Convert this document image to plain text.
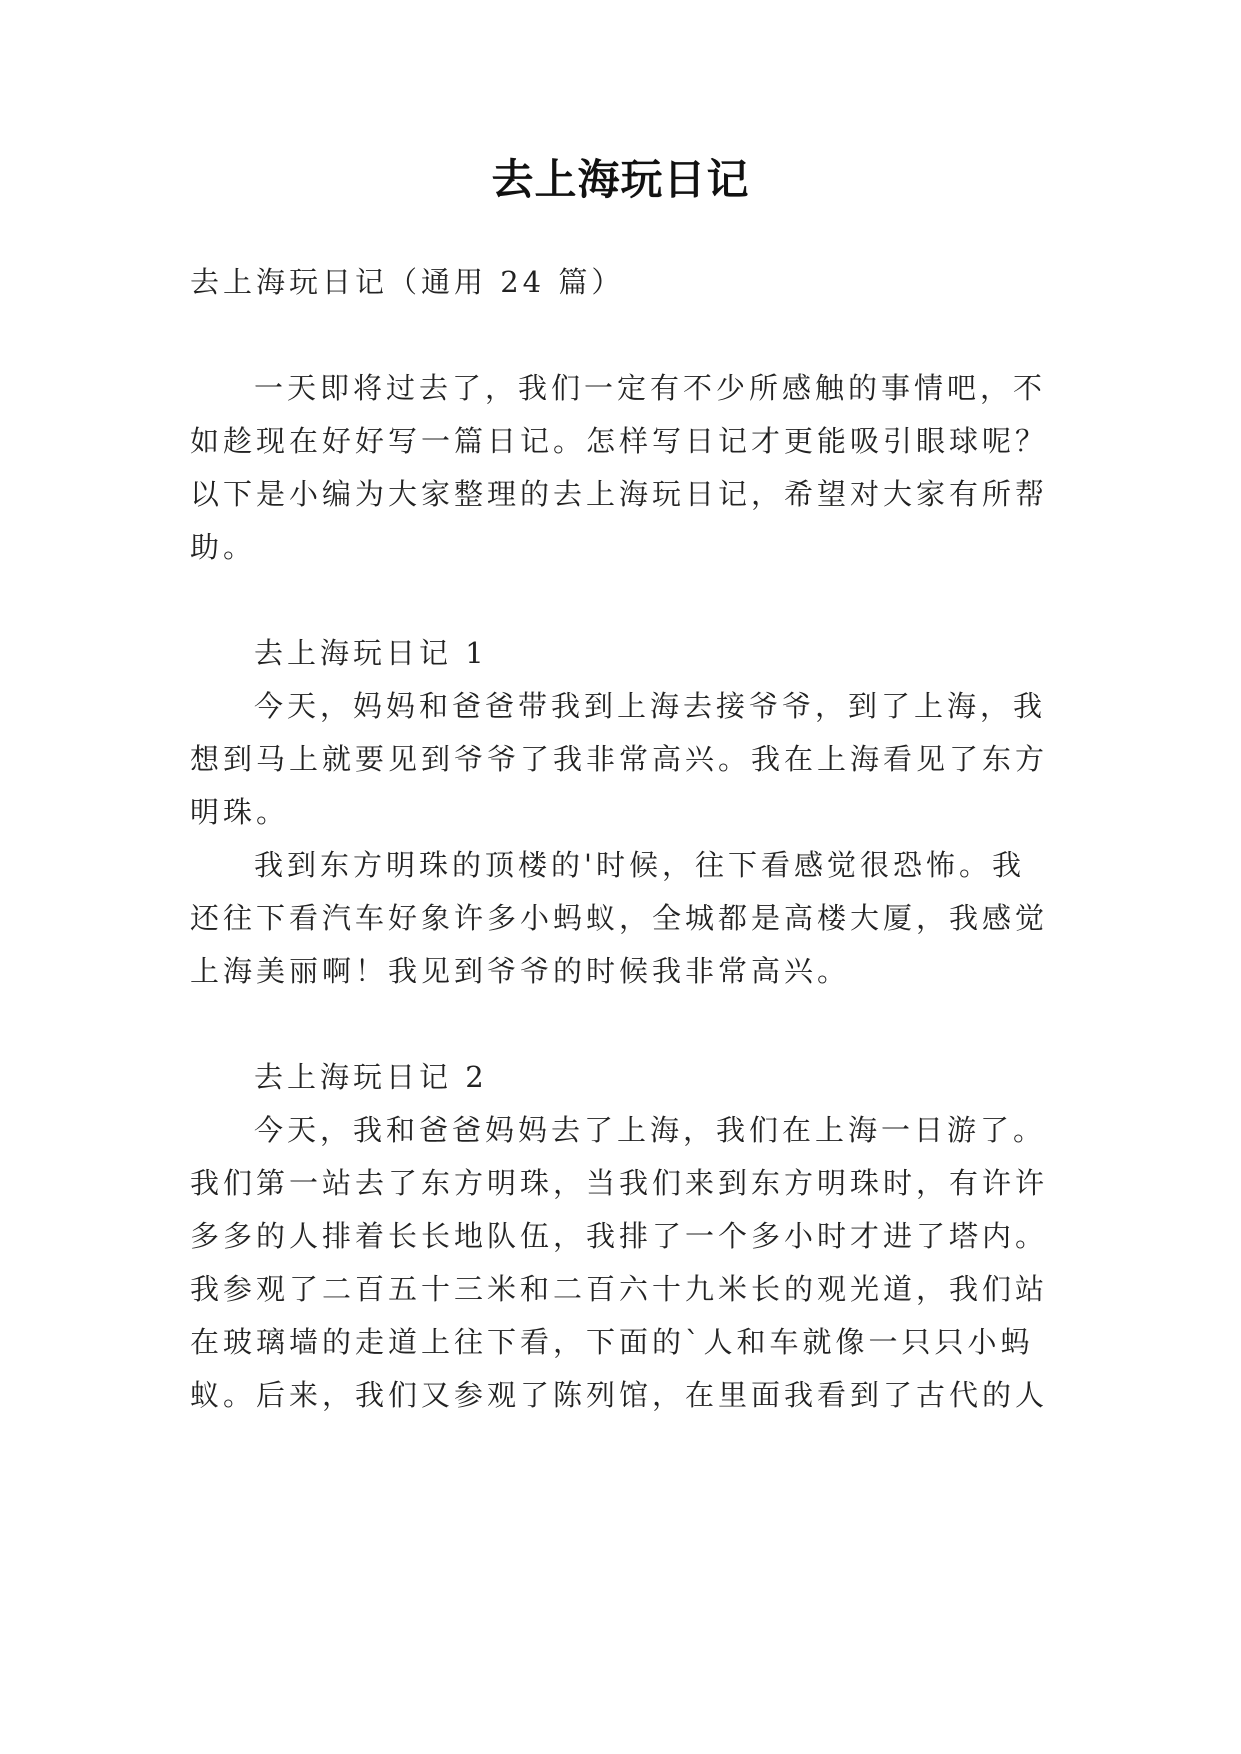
去上海玩日记
去上海玩日记（通用 24 篇）
一天即将过去了，我们一定有不少所感触的事情吧，不
如趁现在好好写一篇日记。怎样写日记才更能吸引眼球呢？
以下是小编为大家整理的去上海玩日记，希望对大家有所帮
助。
去上海玩日记 1
今天，妈妈和爸爸带我到上海去接爷爷，到了上海，我
想到马上就要见到爷爷了我非常高兴。我在上海看见了东方
明珠。
我到东方明珠的顶楼的'时候，往下看感觉很恐怖。我
还往下看汽车好象许多小蚂蚁，全城都是高楼大厦，我感觉
上海美丽啊！我见到爷爷的时候我非常高兴。
去上海玩日记 2
今天，我和爸爸妈妈去了上海，我们在上海一日游了。
我们第一站去了东方明珠，当我们来到东方明珠时，有许许
多多的人排着长长地队伍，我排了一个多小时才进了塔内。
我参观了二百五十三米和二百六十九米长的观光道，我们站
在玻璃墙的走道上往下看，下面的`人和车就像一只只小蚂
蚁。后来，我们又参观了陈列馆，在里面我看到了古代的人
